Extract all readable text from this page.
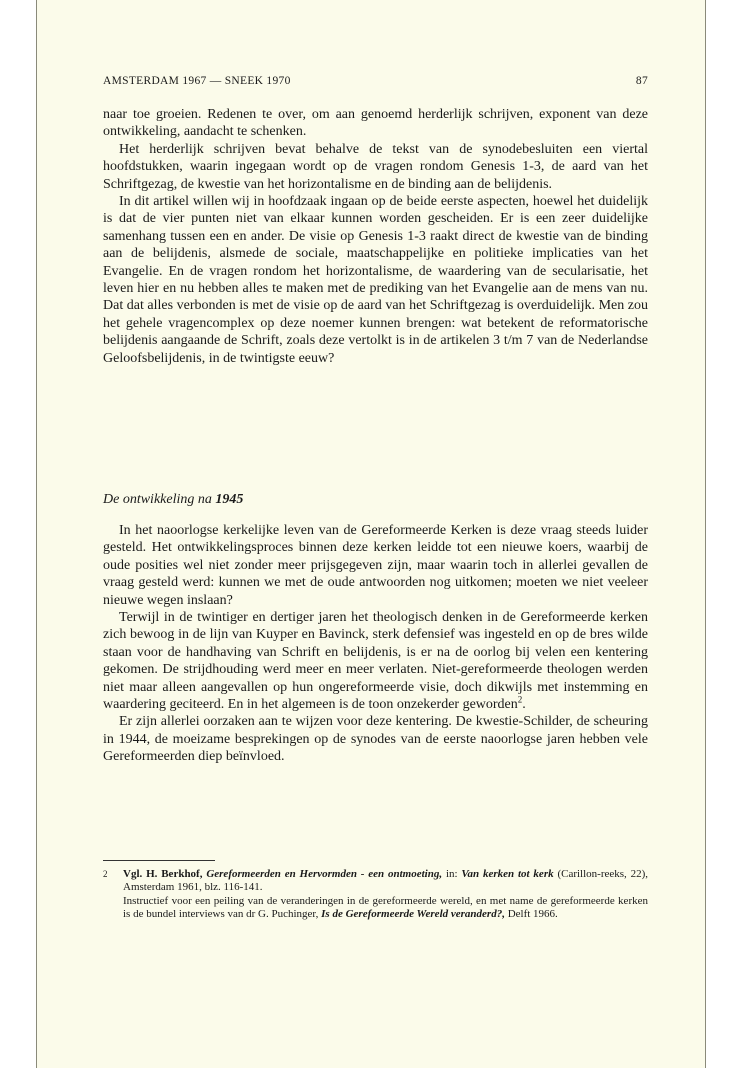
AMSTERDAM 1967 — SNEEK 1970	87

naar toe groeien. Redenen te over, om aan genoemd herderlijk schrijven, exponent van deze ontwikkeling, aandacht te schenken.

Het herderlijk schrijven bevat behalve de tekst van de synodebesluiten een viertal hoofdstukken, waarin ingegaan wordt op de vragen rondom Genesis 1-3, de aard van het Schriftgezag, de kwestie van het horizontalisme en de binding aan de belijdenis.

In dit artikel willen wij in hoofdzaak ingaan op de beide eerste aspecten, hoewel het duidelijk is dat de vier punten niet van elkaar kunnen worden gescheiden. Er is een zeer duidelijke samenhang tussen een en ander. De visie op Genesis 1-3 raakt direct de kwestie van de binding aan de belijdenis, alsmede de sociale, maatschappelijke en politieke implicaties van het Evangelie. En de vragen rondom het horizontalisme, de waardering van de secularisatie, het leven hier en nu hebben alles te maken met de prediking van het Evangelie aan de mens van nu. Dat dat alles verbonden is met de visie op de aard van het Schriftgezag is overduidelijk. Men zou het gehele vragencomplex op deze noemer kunnen brengen: wat betekent de reformatorische belijdenis aangaande de Schrift, zoals deze vertolkt is in de artikelen 3 t/m 7 van de Nederlandse Geloofsbelijdenis, in de twintigste eeuw?

De ontwikkeling na 1945

In het naoorlogse kerkelijke leven van de Gereformeerde Kerken is deze vraag steeds luider gesteld. Het ontwikkelingsproces binnen deze kerken leidde tot een nieuwe koers, waarbij de oude posities wel niet zonder meer prijsgegeven zijn, maar waarin toch in allerlei gevallen de vraag gesteld werd: kunnen we met de oude antwoorden nog uitkomen; moeten we niet veeleer nieuwe wegen inslaan?

Terwijl in de twintiger en dertiger jaren het theologisch denken in de Gereformeerde kerken zich bewoog in de lijn van Kuyper en Bavinck, sterk defensief was ingesteld en op de bres wilde staan voor de handhaving van Schrift en belijdenis, is er na de oorlog bij velen een kentering gekomen. De strijdhouding werd meer en meer verlaten. Niet-gereformeerde theologen werden niet maar alleen aangevallen op hun ongereformeerde visie, doch dikwijls met instemming en waardering geciteerd. En in het algemeen is de toon onzekerder geworden$^2$.

Er zijn allerlei oorzaken aan te wijzen voor deze kentering. De kwestie-Schilder, de scheuring in 1944, de moeizame besprekingen op de synodes van de eerste naoorlogse jaren hebben vele Gereformeerden diep beïnvloed.

2 Vgl. H. Berkhof, Gereformeerden en Hervormden - een ontmoeting, in: Van kerken tot kerk (Carillon-reeks, 22), Amsterdam 1961, blz. 116-141.

Instructief voor een peiling van de veranderingen in de gereformeerde wereld, en met name de gereformeerde kerken is de bundel interviews van dr G. Puchinger, Is de Gereformeerde Wereld veranderd?, Delft 1966.
